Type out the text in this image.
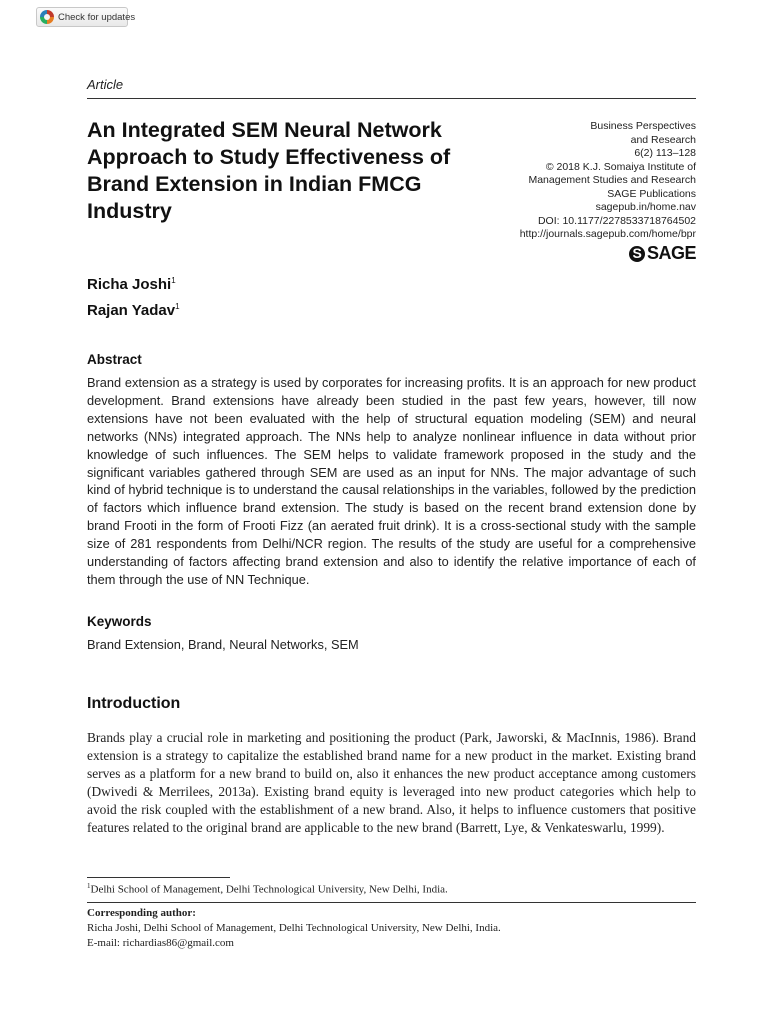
Check for updates
Article
An Integrated SEM Neural Network Approach to Study Effectiveness of Brand Extension in Indian FMCG Industry
Business Perspectives
and Research
6(2) 113–128
© 2018 K.J. Somaiya Institute of
Management Studies and Research
SAGE Publications
sagepub.in/home.nav
DOI: 10.1177/2278533718764502
http://journals.sagepub.com/home/bpr
S
SAGE
Richa Joshi$^1$
Rajan Yadav$^1$
Abstract
Brand extension as a strategy is used by corporates for increasing profits. It is an approach for new product development. Brand extensions have already been studied in the past few years, however, till now extensions have not been evaluated with the help of structural equation modeling (SEM) and neural networks (NNs) integrated approach. The NNs help to analyze nonlinear influence in data without prior knowledge of such influences. The SEM helps to validate framework proposed in the study and the significant variables gathered through SEM are used as an input for NNs. The major advantage of such kind of hybrid technique is to understand the causal relationships in the variables, followed by the prediction of factors which influence brand extension. The study is based on the recent brand extension done by brand Frooti in the form of Frooti Fizz (an aerated fruit drink). It is a cross-sectional study with the sample size of 281 respondents from Delhi/NCR region. The results of the study are useful for a comprehensive understanding of factors affecting brand extension and also to identify the relative importance of each of them through the use of NN Technique.
Keywords
Brand Extension, Brand, Neural Networks, SEM
Introduction
Brands play a crucial role in marketing and positioning the product (Park, Jaworski, & MacInnis, 1986). Brand extension is a strategy to capitalize the established brand name for a new product in the market. Existing brand serves as a platform for a new brand to build on, also it enhances the new product acceptance among customers (Dwivedi & Merrilees, 2013a). Existing brand equity is leveraged into new product categories which help to avoid the risk coupled with the establishment of a new brand. Also, it helps to influence customers that positive features related to the original brand are applicable to the new brand (Barrett, Lye, & Venkateswarlu, 1999).
$^1$Delhi School of Management, Delhi Technological University, New Delhi, India.
Corresponding author:
Richa Joshi, Delhi School of Management, Delhi Technological University, New Delhi, India.
E-mail: richardias86@gmail.com
